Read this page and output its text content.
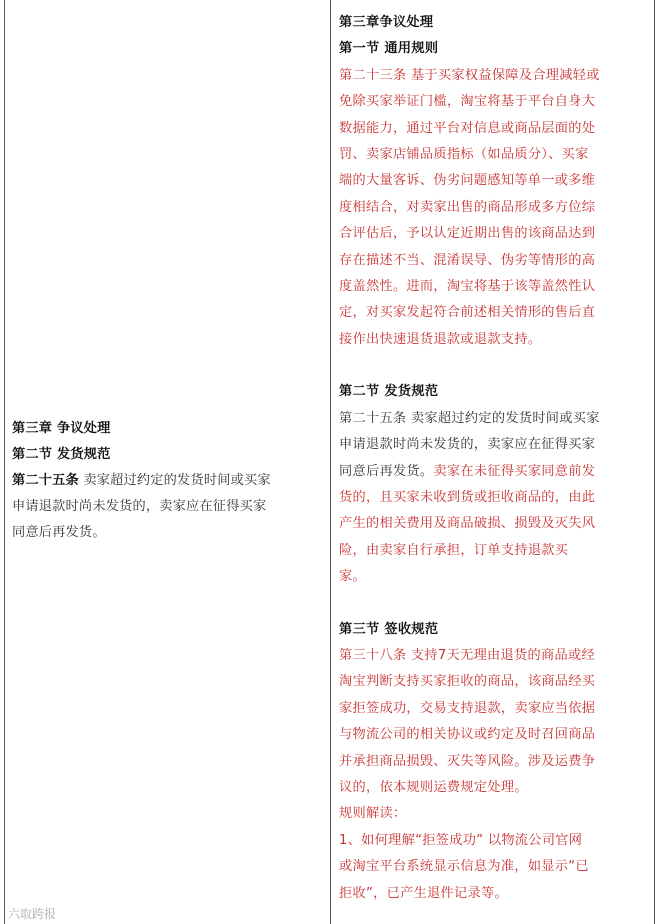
第三章 争议处理
第二节 发货规范
第二十五条 卖家超过约定的发货时间或买家
申请退款时尚未发货的，卖家应在征得买家
同意后再发货。
第三章争议处理
第一节 通用规则
第二十三条 基于买家权益保障及合理减轻或
免除买家举证门槛，淘宝将基于平台自身大
数据能力，通过平台对信息或商品层面的处
罚、卖家店铺品质指标（如品质分）、买家
端的大量客诉、伪劣问题感知等单一或多维
度相结合，对卖家出售的商品形成多方位综
合评估后，予以认定近期出售的该商品达到
存在描述不当、混淆误导、伪劣等情形的高
度盖然性。进而，淘宝将基于该等盖然性认
定，对买家发起符合前述相关情形的售后直
接作出快速退货退款或退款支持。
第二节 发货规范
第二十五条 卖家超过约定的发货时间或买家
申请退款时尚未发货的，卖家应在征得买家
同意后再发货。卖家在未征得买家同意前发
货的，且买家未收到货或拒收商品的，由此
产生的相关费用及商品破损、损毁及灭失风
险，由卖家自行承担，订单支持退款买
家。
第三节 签收规范
第三十八条 支持7天无理由退货的商品或经
淘宝判断支持买家拒收的商品，该商品经买
家拒签成功，交易支持退款，卖家应当依据
与物流公司的相关协议或约定及时召回商品
并承担商品损毁、灭失等风险。涉及运费争
议的，依本规则运费规定处理。
规则解读：
1、如何理解“拒签成功” 以物流公司官网
或淘宝平台系统显示信息为准，如显示“已
拒收”，已产生退件记录等。
六取跨报
